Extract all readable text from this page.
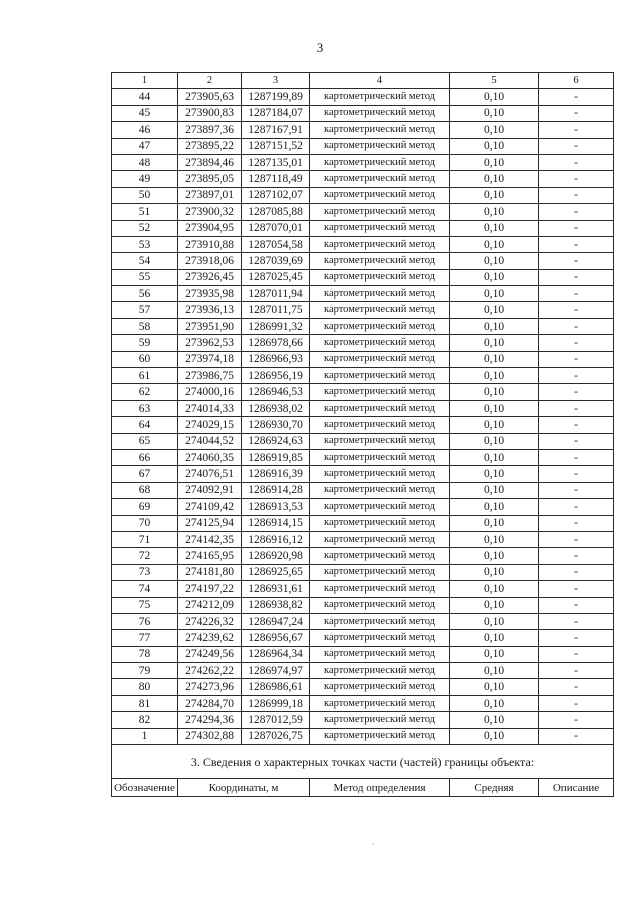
3
1	2	3	4	5	6
44	273905,63	1287199,89	картометрический метод	0,10	-
45	273900,83	1287184,07	картометрический метод	0,10	-
46	273897,36	1287167,91	картометрический метод	0,10	-
47	273895,22	1287151,52	картометрический метод	0,10	-
48	273894,46	1287135,01	картометрический метод	0,10	-
49	273895,05	1287118,49	картометрический метод	0,10	-
50	273897,01	1287102,07	картометрический метод	0,10	-
51	273900,32	1287085,88	картометрический метод	0,10	-
52	273904,95	1287070,01	картометрический метод	0,10	-
53	273910,88	1287054,58	картометрический метод	0,10	-
54	273918,06	1287039,69	картометрический метод	0,10	-
55	273926,45	1287025,45	картометрический метод	0,10	-
56	273935,98	1287011,94	картометрический метод	0,10	-
57	273936,13	1287011,75	картометрический метод	0,10	-
58	273951,90	1286991,32	картометрический метод	0,10	-
59	273962,53	1286978,66	картометрический метод	0,10	-
60	273974,18	1286966,93	картометрический метод	0,10	-
61	273986,75	1286956,19	картометрический метод	0,10	-
62	274000,16	1286946,53	картометрический метод	0,10	-
63	274014,33	1286938,02	картометрический метод	0,10	-
64	274029,15	1286930,70	картометрический метод	0,10	-
65	274044,52	1286924,63	картометрический метод	0,10	-
66	274060,35	1286919,85	картометрический метод	0,10	-
67	274076,51	1286916,39	картометрический метод	0,10	-
68	274092,91	1286914,28	картометрический метод	0,10	-
69	274109,42	1286913,53	картометрический метод	0,10	-
70	274125,94	1286914,15	картометрический метод	0,10	-
71	274142,35	1286916,12	картометрический метод	0,10	-
72	274165,95	1286920,98	картометрический метод	0,10	-
73	274181,80	1286925,65	картометрический метод	0,10	-
74	274197,22	1286931,61	картометрический метод	0,10	-
75	274212,09	1286938,82	картометрический метод	0,10	-
76	274226,32	1286947,24	картометрический метод	0,10	-
77	274239,62	1286956,67	картометрический метод	0,10	-
78	274249,56	1286964,34	картометрический метод	0,10	-
79	274262,22	1286974,97	картометрический метод	0,10	-
80	274273,96	1286986,61	картометрический метод	0,10	-
81	274284,70	1286999,18	картометрический метод	0,10	-
82	274294,36	1287012,59	картометрический метод	0,10	-
1	274302,88	1287026,75	картометрический метод	0,10	-
3. Сведения о характерных точках части (частей) границы объекта:					
Обозначение	Координаты, м		Метод определения	Средняя	Описание
